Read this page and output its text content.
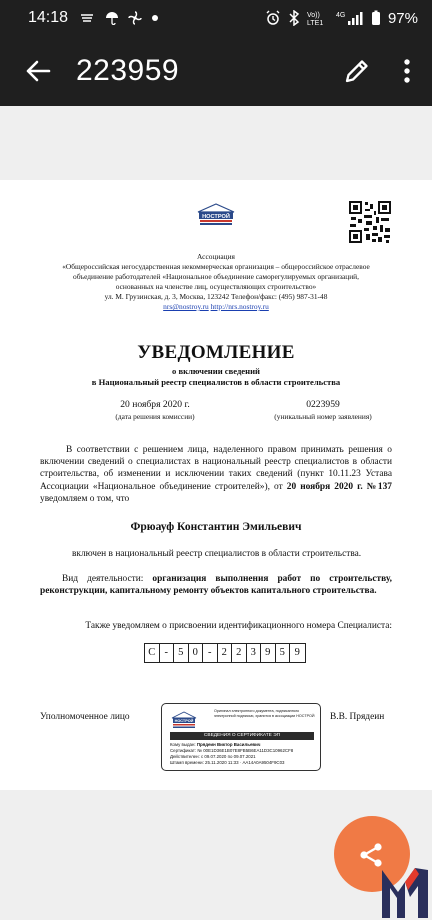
14:18	Vo))
LTE1
4G	97%
223959
НОСТРОЙ
Ассоциация
«Общероссийская негосударственная некоммерческая организация – общероссийское отраслевое
объединение работодателей «Национальное объединение саморегулируемых организаций,
основанных на членстве лиц, осуществляющих строительство»
ул. М. Грузинская, д. 3, Москва, 123242 Телефон/факс: (495) 987-31-48
nrs@nostroy.ru http://nrs.nostroy.ru
УВЕДОМЛЕНИЕ
о включении сведений
в Национальный реестр специалистов в области строительства
20 ноября 2020 г.
(дата решения комиссии)
0223959
(уникальный номер заявления)
В соответствии с решением лица, наделенного правом принимать решения о включении сведений о специалистах в национальный реестр специалистов в области строительства, об изменении и исключении таких сведений (пункт 10.11.23 Устава Ассоциации «Национальное объединение строителей»), от 20 ноября 2020 г. №137 уведомляем о том, что
Фрюауф Константин Эмильевич
включен в национальный реестр специалистов в области строительства.
Вид деятельности: организация выполнения работ по строительству, реконструкции, капитальному ремонту объектов капитального строительства.
Также уведомляем о присвоении идентификационного номера Специалиста:
С - 5 0 - 2 2 3 9 5 9
Уполномоченное лицо	В.В. Прядеин
НОСТРОЙ
Оригинал электронного документа, подписанного электронной подписью, хранится в ассоциации НОСТРОЙ
СВЕДЕНИЯ О СЕРТИФИКАТЕ ЭП
Кому выдан: Прядеин Виктор Васильевич
Сертификат: № 00E1D36E1B07E8FB5B6EA11D3C10962CF8
Действителен: с 09.07.2020 по 09.07.2021
Штамп времени: 25.11.2020 11:33 · AA14A0A9504F9C03
